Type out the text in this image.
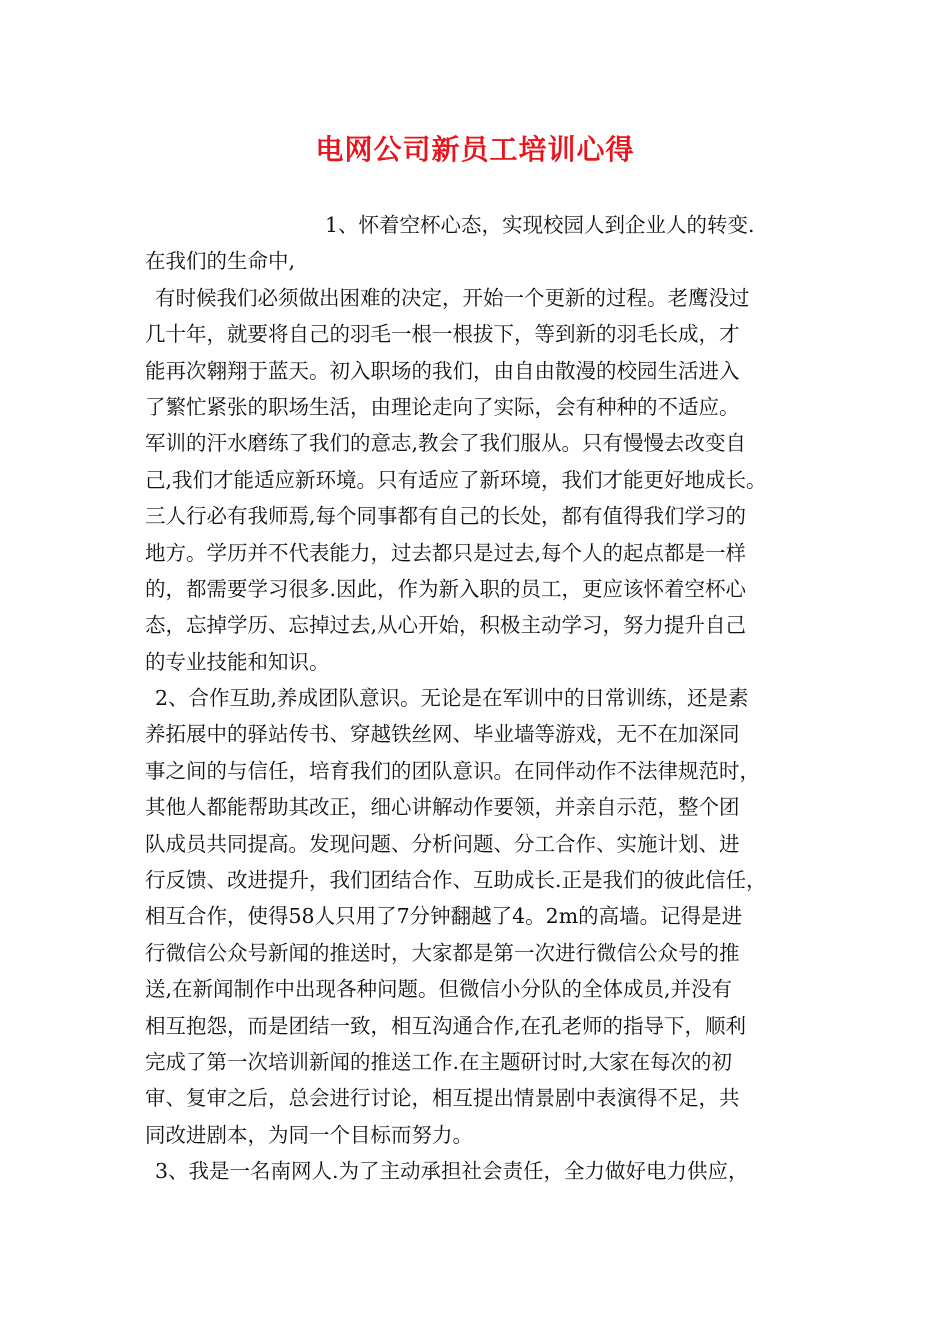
电网公司新员工培训心得
1、怀着空杯心态，实现校园人到企业人的转变.
在我们的生命中,
有时候我们必须做出困难的决定，开始一个更新的过程。老鹰没过
几十年，就要将自己的羽毛一根一根拔下，等到新的羽毛长成，才
能再次翱翔于蓝天。初入职场的我们，由自由散漫的校园生活进入
了繁忙紧张的职场生活，由理论走向了实际，会有种种的不适应。
军训的汗水磨练了我们的意志,教会了我们服从。只有慢慢去改变自
己,我们才能适应新环境。只有适应了新环境，我们才能更好地成长。
三人行必有我师焉,每个同事都有自己的长处，都有值得我们学习的
地方。学历并不代表能力，过去都只是过去,每个人的起点都是一样
的，都需要学习很多.因此，作为新入职的员工，更应该怀着空杯心
态，忘掉学历、忘掉过去,从心开始，积极主动学习，努力提升自己
的专业技能和知识。
2、合作互助,养成团队意识。无论是在军训中的日常训练，还是素
养拓展中的驿站传书、穿越铁丝网、毕业墙等游戏，无不在加深同
事之间的与信任，培育我们的团队意识。在同伴动作不法律规范时，
其他人都能帮助其改正，细心讲解动作要领，并亲自示范，整个团
队成员共同提高。发现问题、分析问题、分工合作、实施计划、进
行反馈、改进提升，我们团结合作、互助成长.正是我们的彼此信任，
相互合作，使得58人只用了7分钟翻越了4。2m的高墙。记得是进
行微信公众号新闻的推送时，大家都是第一次进行微信公众号的推
送,在新闻制作中出现各种问题。但微信小分队的全体成员,并没有
相互抱怨，而是团结一致，相互沟通合作,在孔老师的指导下，顺利
完成了第一次培训新闻的推送工作.在主题研讨时,大家在每次的初
审、复审之后，总会进行讨论，相互提出情景剧中表演得不足，共
同改进剧本，为同一个目标而努力。
3、我是一名南网人.为了主动承担社会责任，全力做好电力供应，
